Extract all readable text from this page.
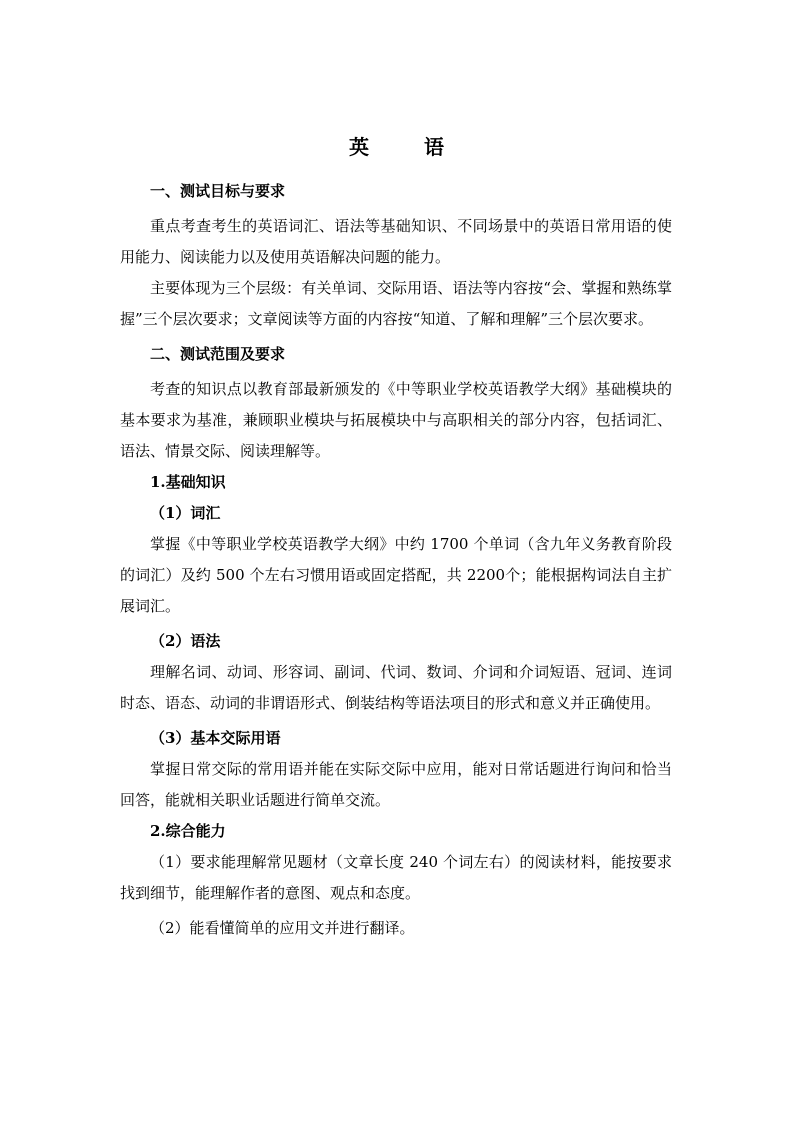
英 语

一、测试目标与要求

重点考查考生的英语词汇、语法等基础知识、不同场景中的英语日常用语的使用能力、阅读能力以及使用英语解决问题的能力。

主要体现为三个层级：有关单词、交际用语、语法等内容按“会、掌握和熟练掌握”三个层次要求；文章阅读等方面的内容按“知道、了解和理解”三个层次要求。

二、测试范围及要求

考查的知识点以教育部最新颁发的《中等职业学校英语教学大纲》基础模块的基本要求为基准，兼顾职业模块与拓展模块中与高职相关的部分内容，包括词汇、语法、情景交际、阅读理解等。

1.基础知识

（1）词汇

掌握《中等职业学校英语教学大纲》中约 1700 个单词（含九年义务教育阶段的词汇）及约 500 个左右习惯用语或固定搭配，共 2200个；能根据构词法自主扩展词汇。

（2）语法

理解名词、动词、形容词、副词、代词、数词、介词和介词短语、冠词、连词时态、语态、动词的非谓语形式、倒装结构等语法项目的形式和意义并正确使用。

（3）基本交际用语

掌握日常交际的常用语并能在实际交际中应用，能对日常话题进行询问和恰当回答，能就相关职业话题进行简单交流。

2.综合能力

（1）要求能理解常见题材（文章长度 240 个词左右）的阅读材料，能按要求找到细节，能理解作者的意图、观点和态度。

（2）能看懂简单的应用文并进行翻译。
